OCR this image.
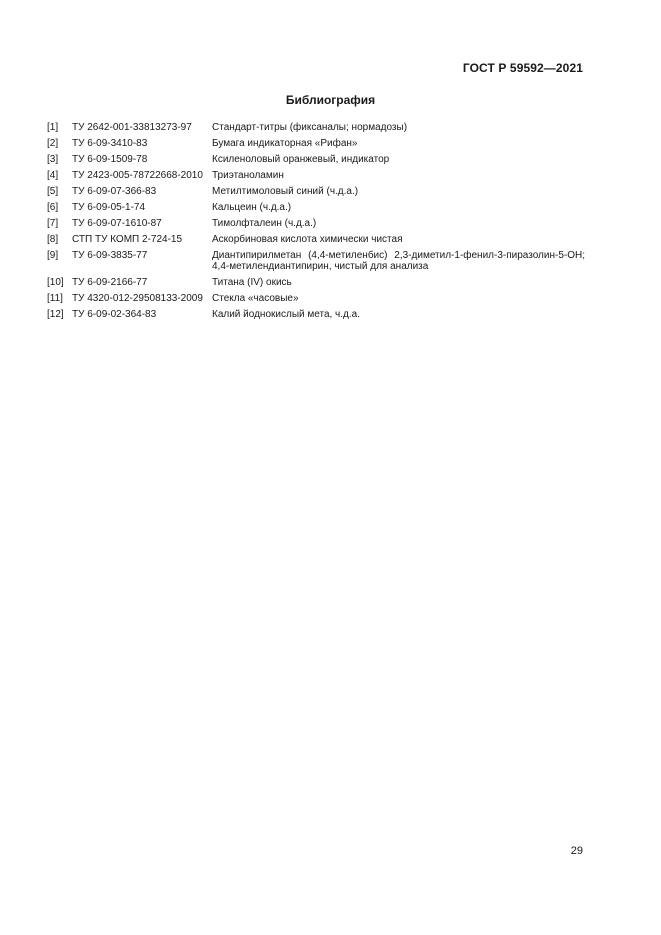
ГОСТ Р 59592—2021
Библиография
[1]	ТУ 2642-001-33813273-97	Стандарт-титры (фиксаналы; нормадозы)
[2]	ТУ 6-09-3410-83	Бумага индикаторная «Рифан»
[3]	ТУ 6-09-1509-78	Ксиленоловый оранжевый, индикатор
[4]	ТУ 2423-005-78722668-2010 Триэтаноламин
[5]	ТУ 6-09-07-366-83	Метилтимоловый синий (ч.д.а.)
[6]	ТУ 6-09-05-1-74	Кальцеин (ч.д.а.)
[7]	ТУ 6-09-07-1610-87	Тимолфталеин (ч.д.а.)
[8]	СТП ТУ КОМП 2-724-15	Аскорбиновая кислота химически чистая
[9]	ТУ 6-09-3835-77	Диантипирилметан (4,4-метиленбис) 2,3-диметил-1-фенил-3-пиразолин-5-ОН;
4,4-метилендиантипирин, чистый для анализа
[10] ТУ 6-09-2166-77	Титана (IV) окись
[11] ТУ 4320-012-29508133-2009 Стекла «часовые»
[12] ТУ 6-09-02-364-83	Калий йоднокислый мета, ч.д.а.
29
